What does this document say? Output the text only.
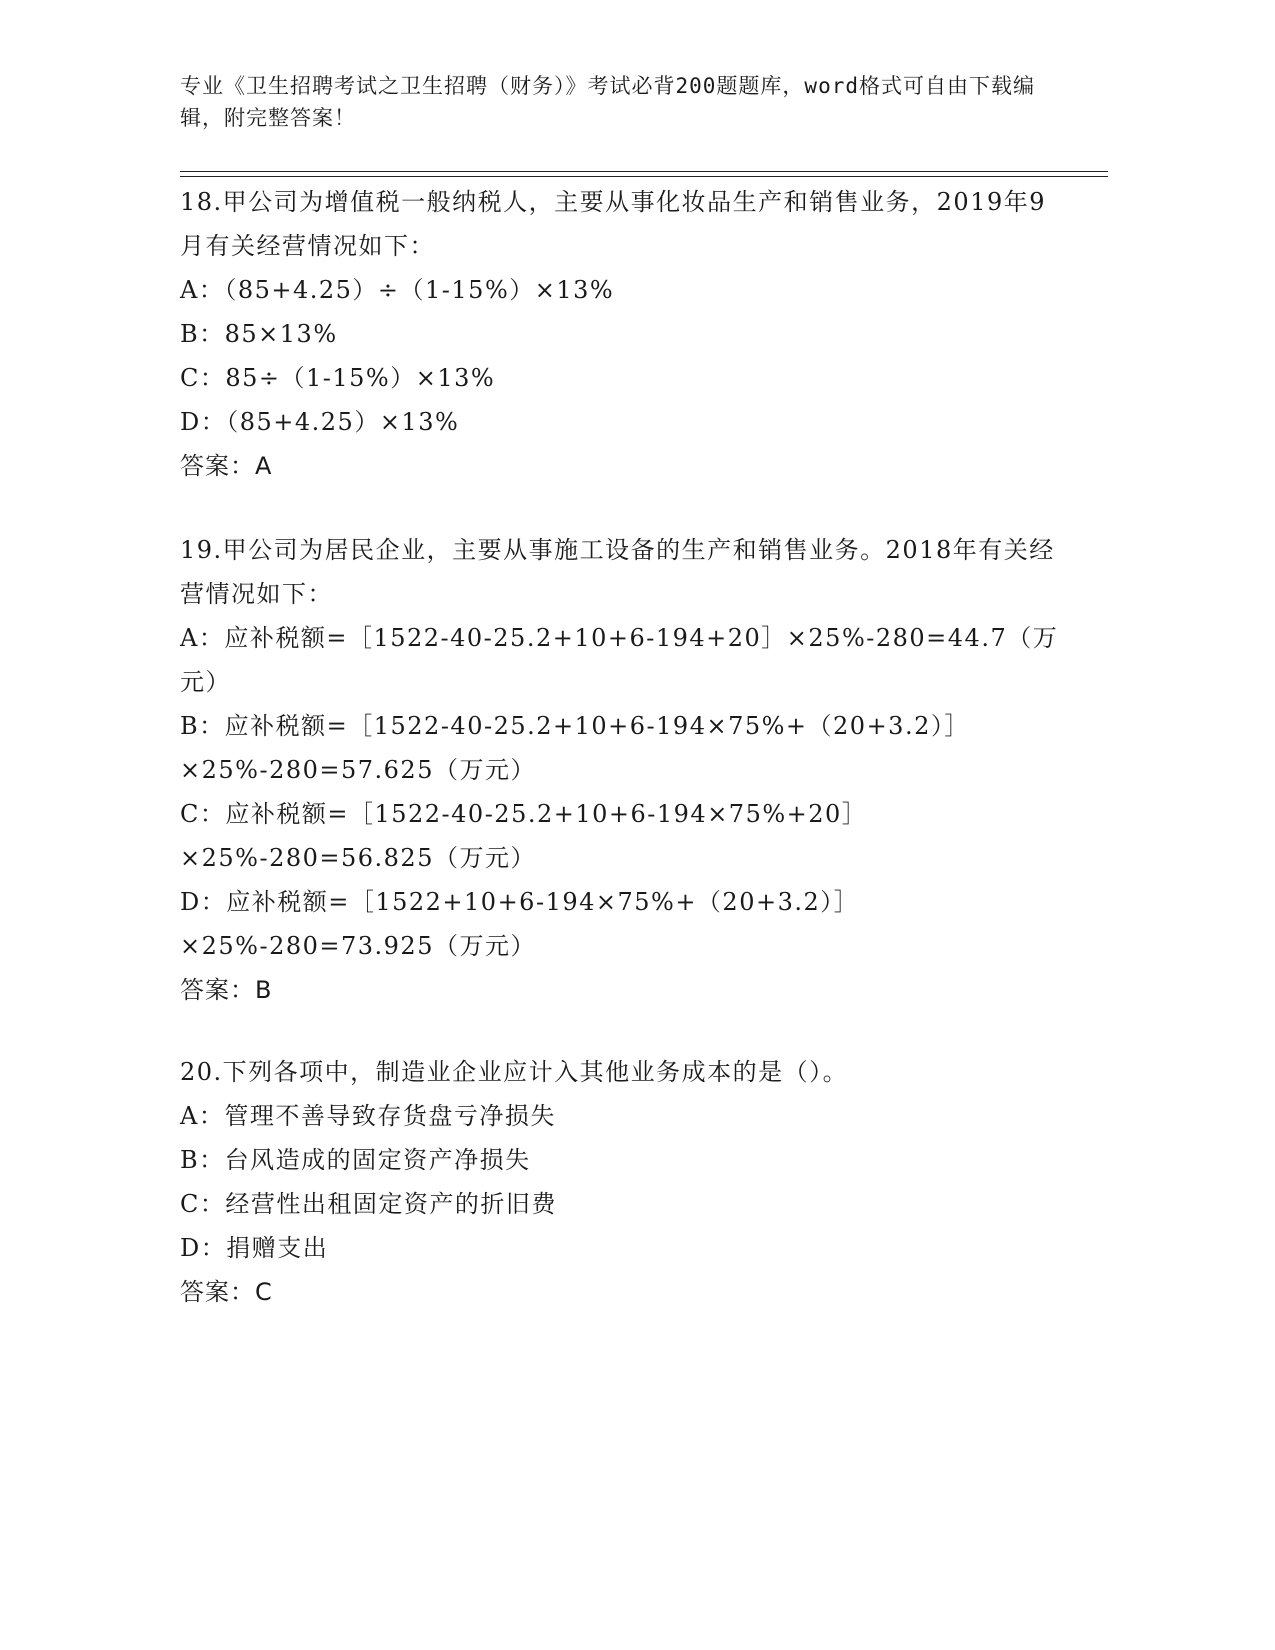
专业《卫生招聘考试之卫生招聘（财务）》考试必背200题题库，word格式可自由下载编辑，附完整答案！
18.甲公司为增值税一般纳税人，主要从事化妆品生产和销售业务，2019年9月有关经营情况如下：
A：（85+4.25）÷（1-15%）×13%
B：85×13%
C：85÷（1-15%）×13%
D：（85+4.25）×13%
答案：A
19.甲公司为居民企业，主要从事施工设备的生产和销售业务。2018年有关经营情况如下：
A：应补税额=［1522-40-25.2+10+6-194+20］×25%-280=44.7（万元）
B：应补税额=［1522-40-25.2+10+6-194×75%+（20+3.2）］×25%-280=57.625（万元）
C：应补税额=［1522-40-25.2+10+6-194×75%+20］×25%-280=56.825（万元）
D：应补税额=［1522+10+6-194×75%+（20+3.2）］×25%-280=73.925（万元）
答案：B
20.下列各项中，制造业企业应计入其他业务成本的是（）。
A：管理不善导致存货盘亏净损失
B：台风造成的固定资产净损失
C：经营性出租固定资产的折旧费
D：捐赠支出
答案：C
